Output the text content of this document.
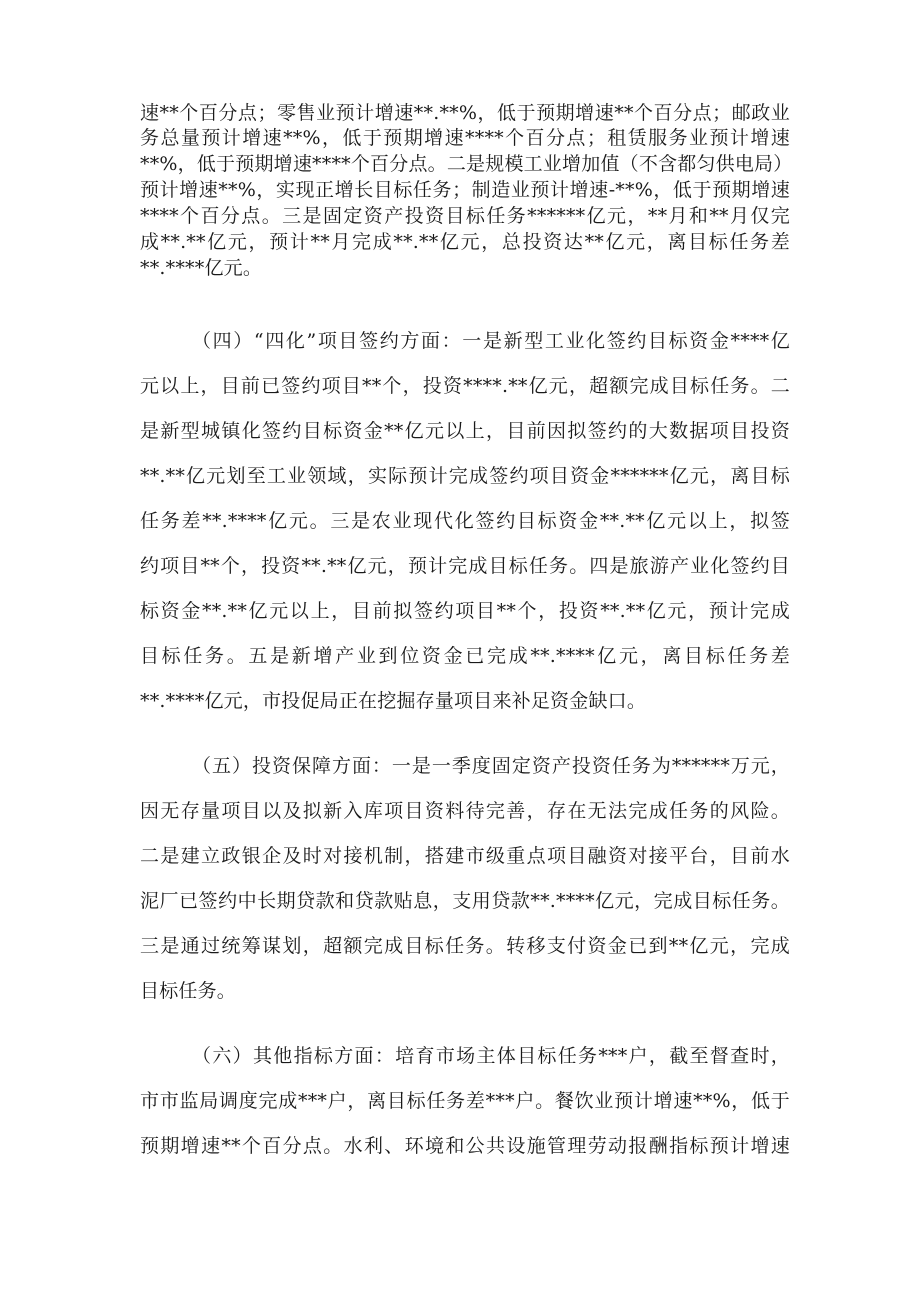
速**个百分点；零售业预计增速**.**%，低于预期增速**个百分点；邮政业
务总量预计增速**%，低于预期增速****个百分点；租赁服务业预计增速
**%，低于预期增速****个百分点。二是规模工业增加值（不含都匀供电局）
预计增速**%，实现正增长目标任务；制造业预计增速-**%，低于预期增速
****个百分点。三是固定资产投资目标任务******亿元，**月和**月仅完
成**.**亿元，预计**月完成**.**亿元，总投资达**亿元，离目标任务差
**.****亿元。
（四）“四化”项目签约方面：一是新型工业化签约目标资金****亿
元以上，目前已签约项目**个，投资****.**亿元，超额完成目标任务。二
是新型城镇化签约目标资金**亿元以上，目前因拟签约的大数据项目投资
**.**亿元划至工业领域，实际预计完成签约项目资金******亿元，离目标
任务差**.****亿元。三是农业现代化签约目标资金**.**亿元以上，拟签
约项目**个，投资**.**亿元，预计完成目标任务。四是旅游产业化签约目
标资金**.**亿元以上，目前拟签约项目**个，投资**.**亿元，预计完成
目标任务。五是新增产业到位资金已完成**.****亿元，离目标任务差
**.****亿元，市投促局正在挖掘存量项目来补足资金缺口。
（五）投资保障方面：一是一季度固定资产投资任务为******万元，
因无存量项目以及拟新入库项目资料待完善，存在无法完成任务的风险。
二是建立政银企及时对接机制，搭建市级重点项目融资对接平台，目前水
泥厂已签约中长期贷款和贷款贴息，支用贷款**.****亿元，完成目标任务。
三是通过统筹谋划，超额完成目标任务。转移支付资金已到**亿元，完成
目标任务。
（六）其他指标方面：培育市场主体目标任务***户，截至督查时，
市市监局调度完成***户，离目标任务差***户。餐饮业预计增速**%，低于
预期增速**个百分点。水利、环境和公共设施管理劳动报酬指标预计增速
